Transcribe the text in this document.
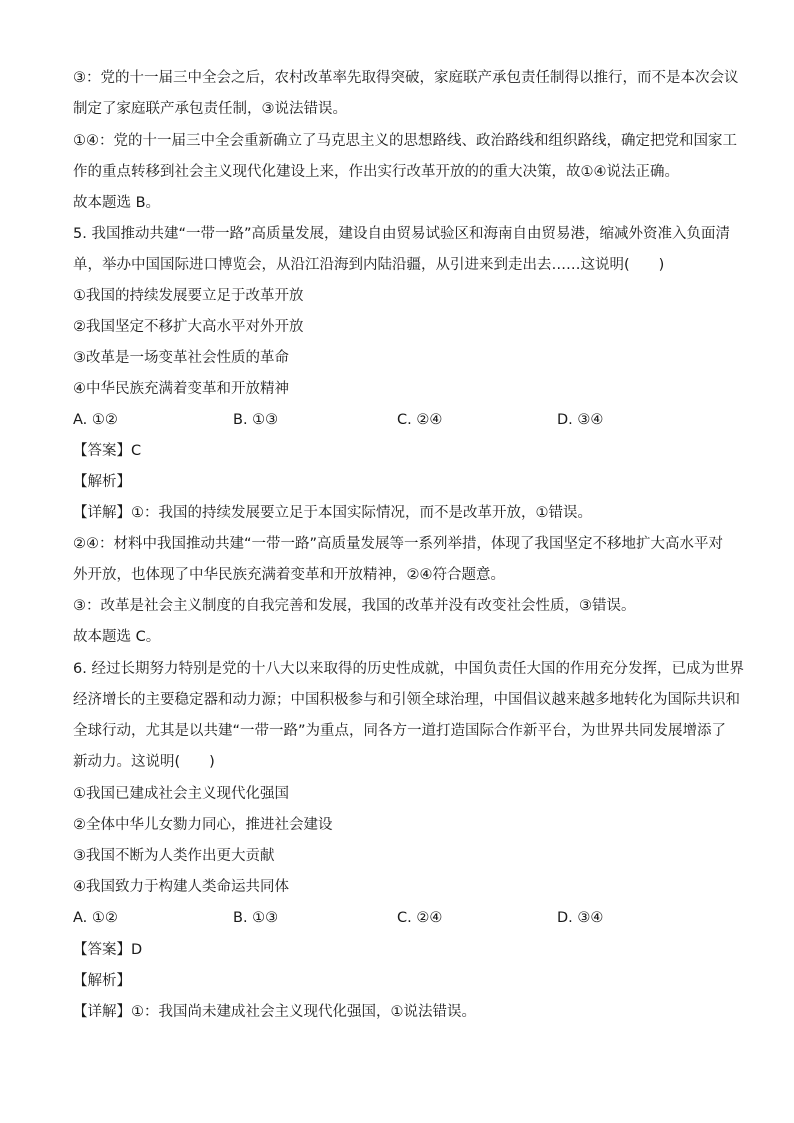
③：党的十一届三中全会之后，农村改革率先取得突破，家庭联产承包责任制得以推行，而不是本次会议
制定了家庭联产承包责任制，③说法错误。
①④：党的十一届三中全会重新确立了马克思主义的思想路线、政治路线和组织路线，确定把党和国家工
作的重点转移到社会主义现代化建设上来，作出实行改革开放的的重大决策，故①④说法正确。
故本题选 B。
5. 我国推动共建“一带一路”高质量发展，建设自由贸易试验区和海南自由贸易港，缩减外资准入负面清
单，举办中国国际进口博览会，从沿江沿海到内陆沿疆，从引进来到走出去……这说明(　　)
①我国的持续发展要立足于改革开放
②我国坚定不移扩大高水平对外开放
③改革是一场变革社会性质的革命
④中华民族充满着变革和开放精神
A. ①②	B. ①③	C. ②④	D. ③④
【答案】C
【解析】
【详解】①：我国的持续发展要立足于本国实际情况，而不是改革开放，①错误。
②④：材料中我国推动共建“一带一路”高质量发展等一系列举措，体现了我国坚定不移地扩大高水平对
外开放，也体现了中华民族充满着变革和开放精神，②④符合题意。
③：改革是社会主义制度的自我完善和发展，我国的改革并没有改变社会性质，③错误。
故本题选 C。
6. 经过长期努力特别是党的十八大以来取得的历史性成就，中国负责任大国的作用充分发挥，已成为世界
经济增长的主要稳定器和动力源；中国积极参与和引领全球治理，中国倡议越来越多地转化为国际共识和
全球行动，尤其是以共建“一带一路”为重点，同各方一道打造国际合作新平台，为世界共同发展增添了
新动力。这说明(　　)
①我国已建成社会主义现代化强国
②全体中华儿女勠力同心，推进社会建设
③我国不断为人类作出更大贡献
④我国致力于构建人类命运共同体
A. ①②	B. ①③	C. ②④	D. ③④
【答案】D
【解析】
【详解】①：我国尚未建成社会主义现代化强国，①说法错误。
